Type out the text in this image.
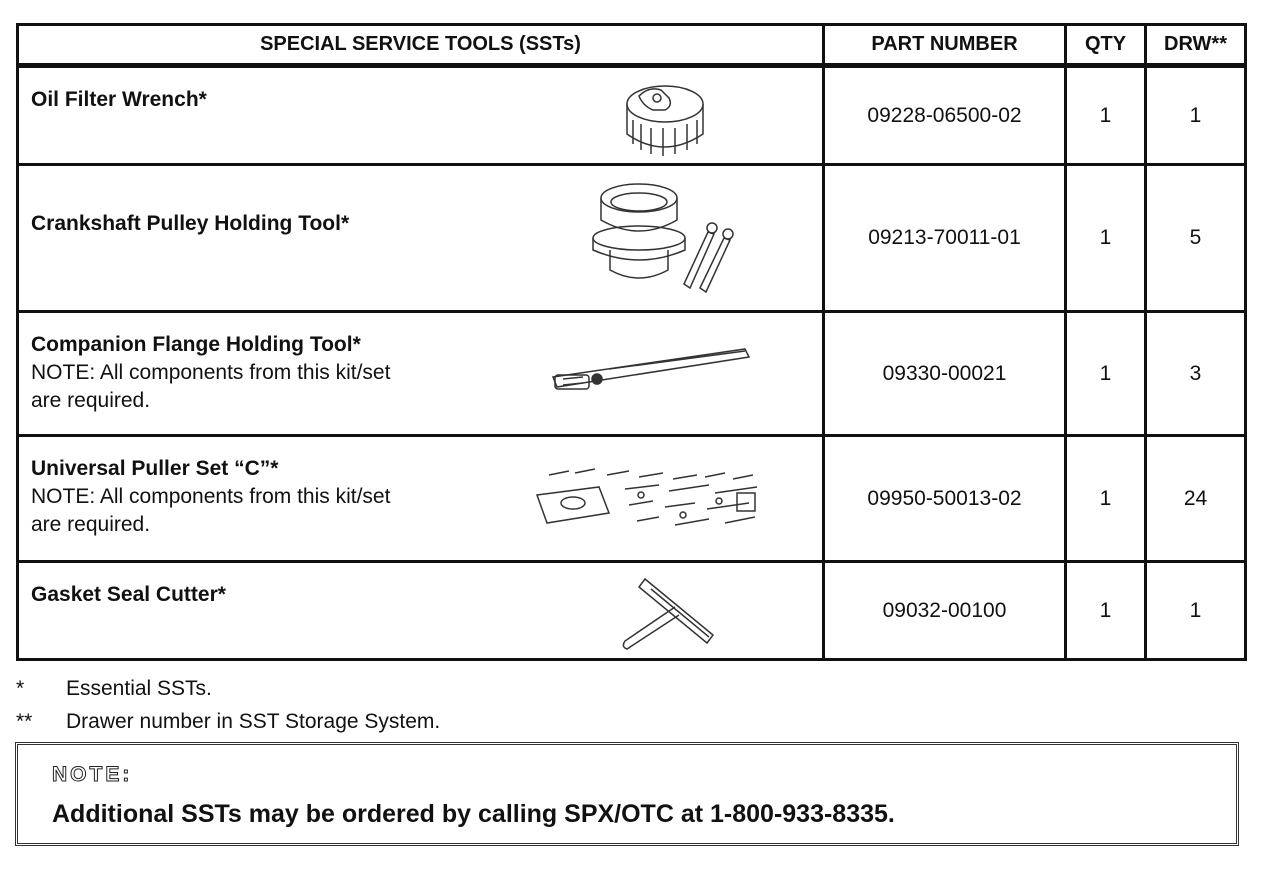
SPECIAL SERVICE TOOLS (SSTs)	PART NUMBER	QTY	DRW**

Oil Filter Wrench*	09228-06500-02	1	1

Crankshaft Pulley Holding Tool*	09213-70011-01	1	5

Companion Flange Holding Tool*
NOTE: All components from this kit/set are required.	09330-00021	1	3

Universal Puller Set “C”*
NOTE: All components from this kit/set are required.	09950-50013-02	1	24

Gasket Seal Cutter*	09032-00100	1	1
*	Essential SSTs.
**	Drawer number in SST Storage System.
NOTE:
Additional SSTs may be ordered by calling SPX/OTC at 1-800-933-8335.
